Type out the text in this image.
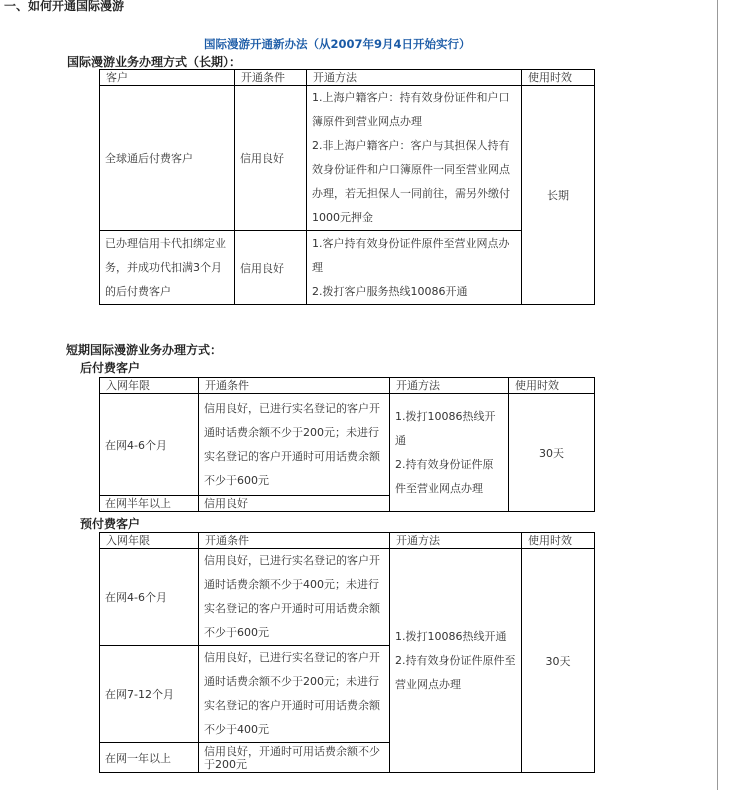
一、如何开通国际漫游
国际漫游开通新办法（从2007年9月4日开始实行）
国际漫游业务办理方式（长期）：
客户	开通条件	开通方法	使用时效
全球通后付费客户	信用良好	1.上海户籍客户：持有效身份证件和户口簿原件到营业网点办理
2.非上海户籍客户：客户与其担保人持有效身份证件和户口簿原件一同至营业网点办理，若无担保人一同前往，需另外缴付1000元押金	长期
已办理信用卡代扣绑定业务，并成功代扣满3个月的后付费客户	信用良好	1.客户持有效身份证件原件至营业网点办理
2.拨打客户服务热线10086开通	
短期国际漫游业务办理方式：
后付费客户
入网年限	开通条件	开通方法	使用时效
在网4-6个月	信用良好，已进行实名登记的客户开通时话费余额不少于200元；未进行实名登记的客户开通时可用话费余额不少于600元	1.拨打10086热线开通
2.持有效身份证件原件至营业网点办理	30天
在网半年以上	信用良好		
预付费客户
入网年限	开通条件	开通方法	使用时效
在网4-6个月	信用良好，已进行实名登记的客户开通时话费余额不少于400元；未进行实名登记的客户开通时可用话费余额不少于600元	1.拨打10086热线开通
2.持有效身份证件原件至营业网点办理	30天
在网7-12个月	信用良好，已进行实名登记的客户开通时话费余额不少于200元；未进行实名登记的客户开通时可用话费余额不少于400元		
在网一年以上	信用良好，开通时可用话费余额不少于200元		
